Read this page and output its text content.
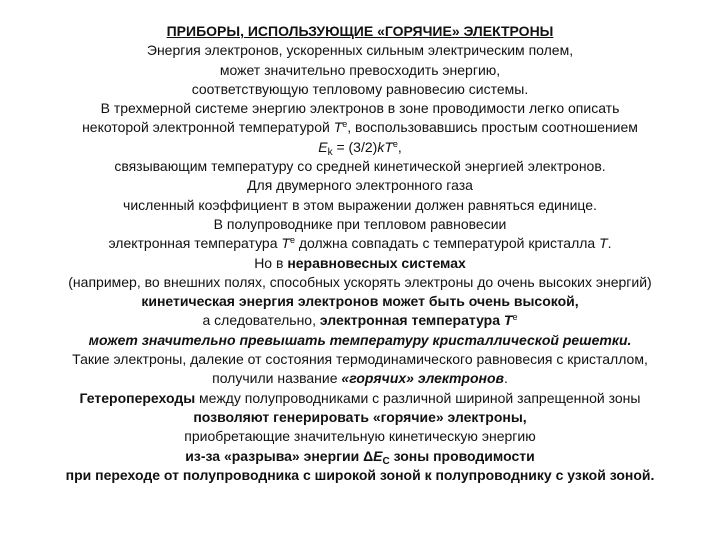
ПРИБОРЫ, ИСПОЛЬЗУЮЩИЕ «ГОРЯЧИЕ» ЭЛЕКТРОНЫ
Энергия электронов, ускоренных сильным электрическим полем,
может значительно превосходить энергию,
соответствующую тепловому равновесию системы.
В трехмерной системе энергию электронов в зоне проводимости легко описать
некоторой электронной температурой $T^e$, воспользовавшись простым соотношением
$E_k = (3/2)kT^e$,
связывающим температуру со средней кинетической энергией электронов.
Для двумерного электронного газа
численный коэффициент в этом выражении должен равняться единице.
В полупроводнике при тепловом равновесии
электронная температура $T^e$ должна совпадать с температурой кристалла T.
Но в неравновесных системах
(например, во внешних полях, способных ускорять электроны до очень высоких энергий)
кинетическая энергия электронов может быть очень высокой,
а следовательно, электронная температура $T^e$
может значительно превышать температуру кристаллической решетки.
Такие электроны, далекие от состояния термодинамического равновесия с кристаллом,
получили название «горячих» электронов.
Гетеропереходы между полупроводниками с различной шириной запрещенной зоны
позволяют генерировать «горячие» электроны,
приобретающие значительную кинетическую энергию
из-за «разрыва» энергии $\Delta E_C$ зоны проводимости
при переходе от полупроводника с широкой зоной к полупроводнику с узкой зоной.
